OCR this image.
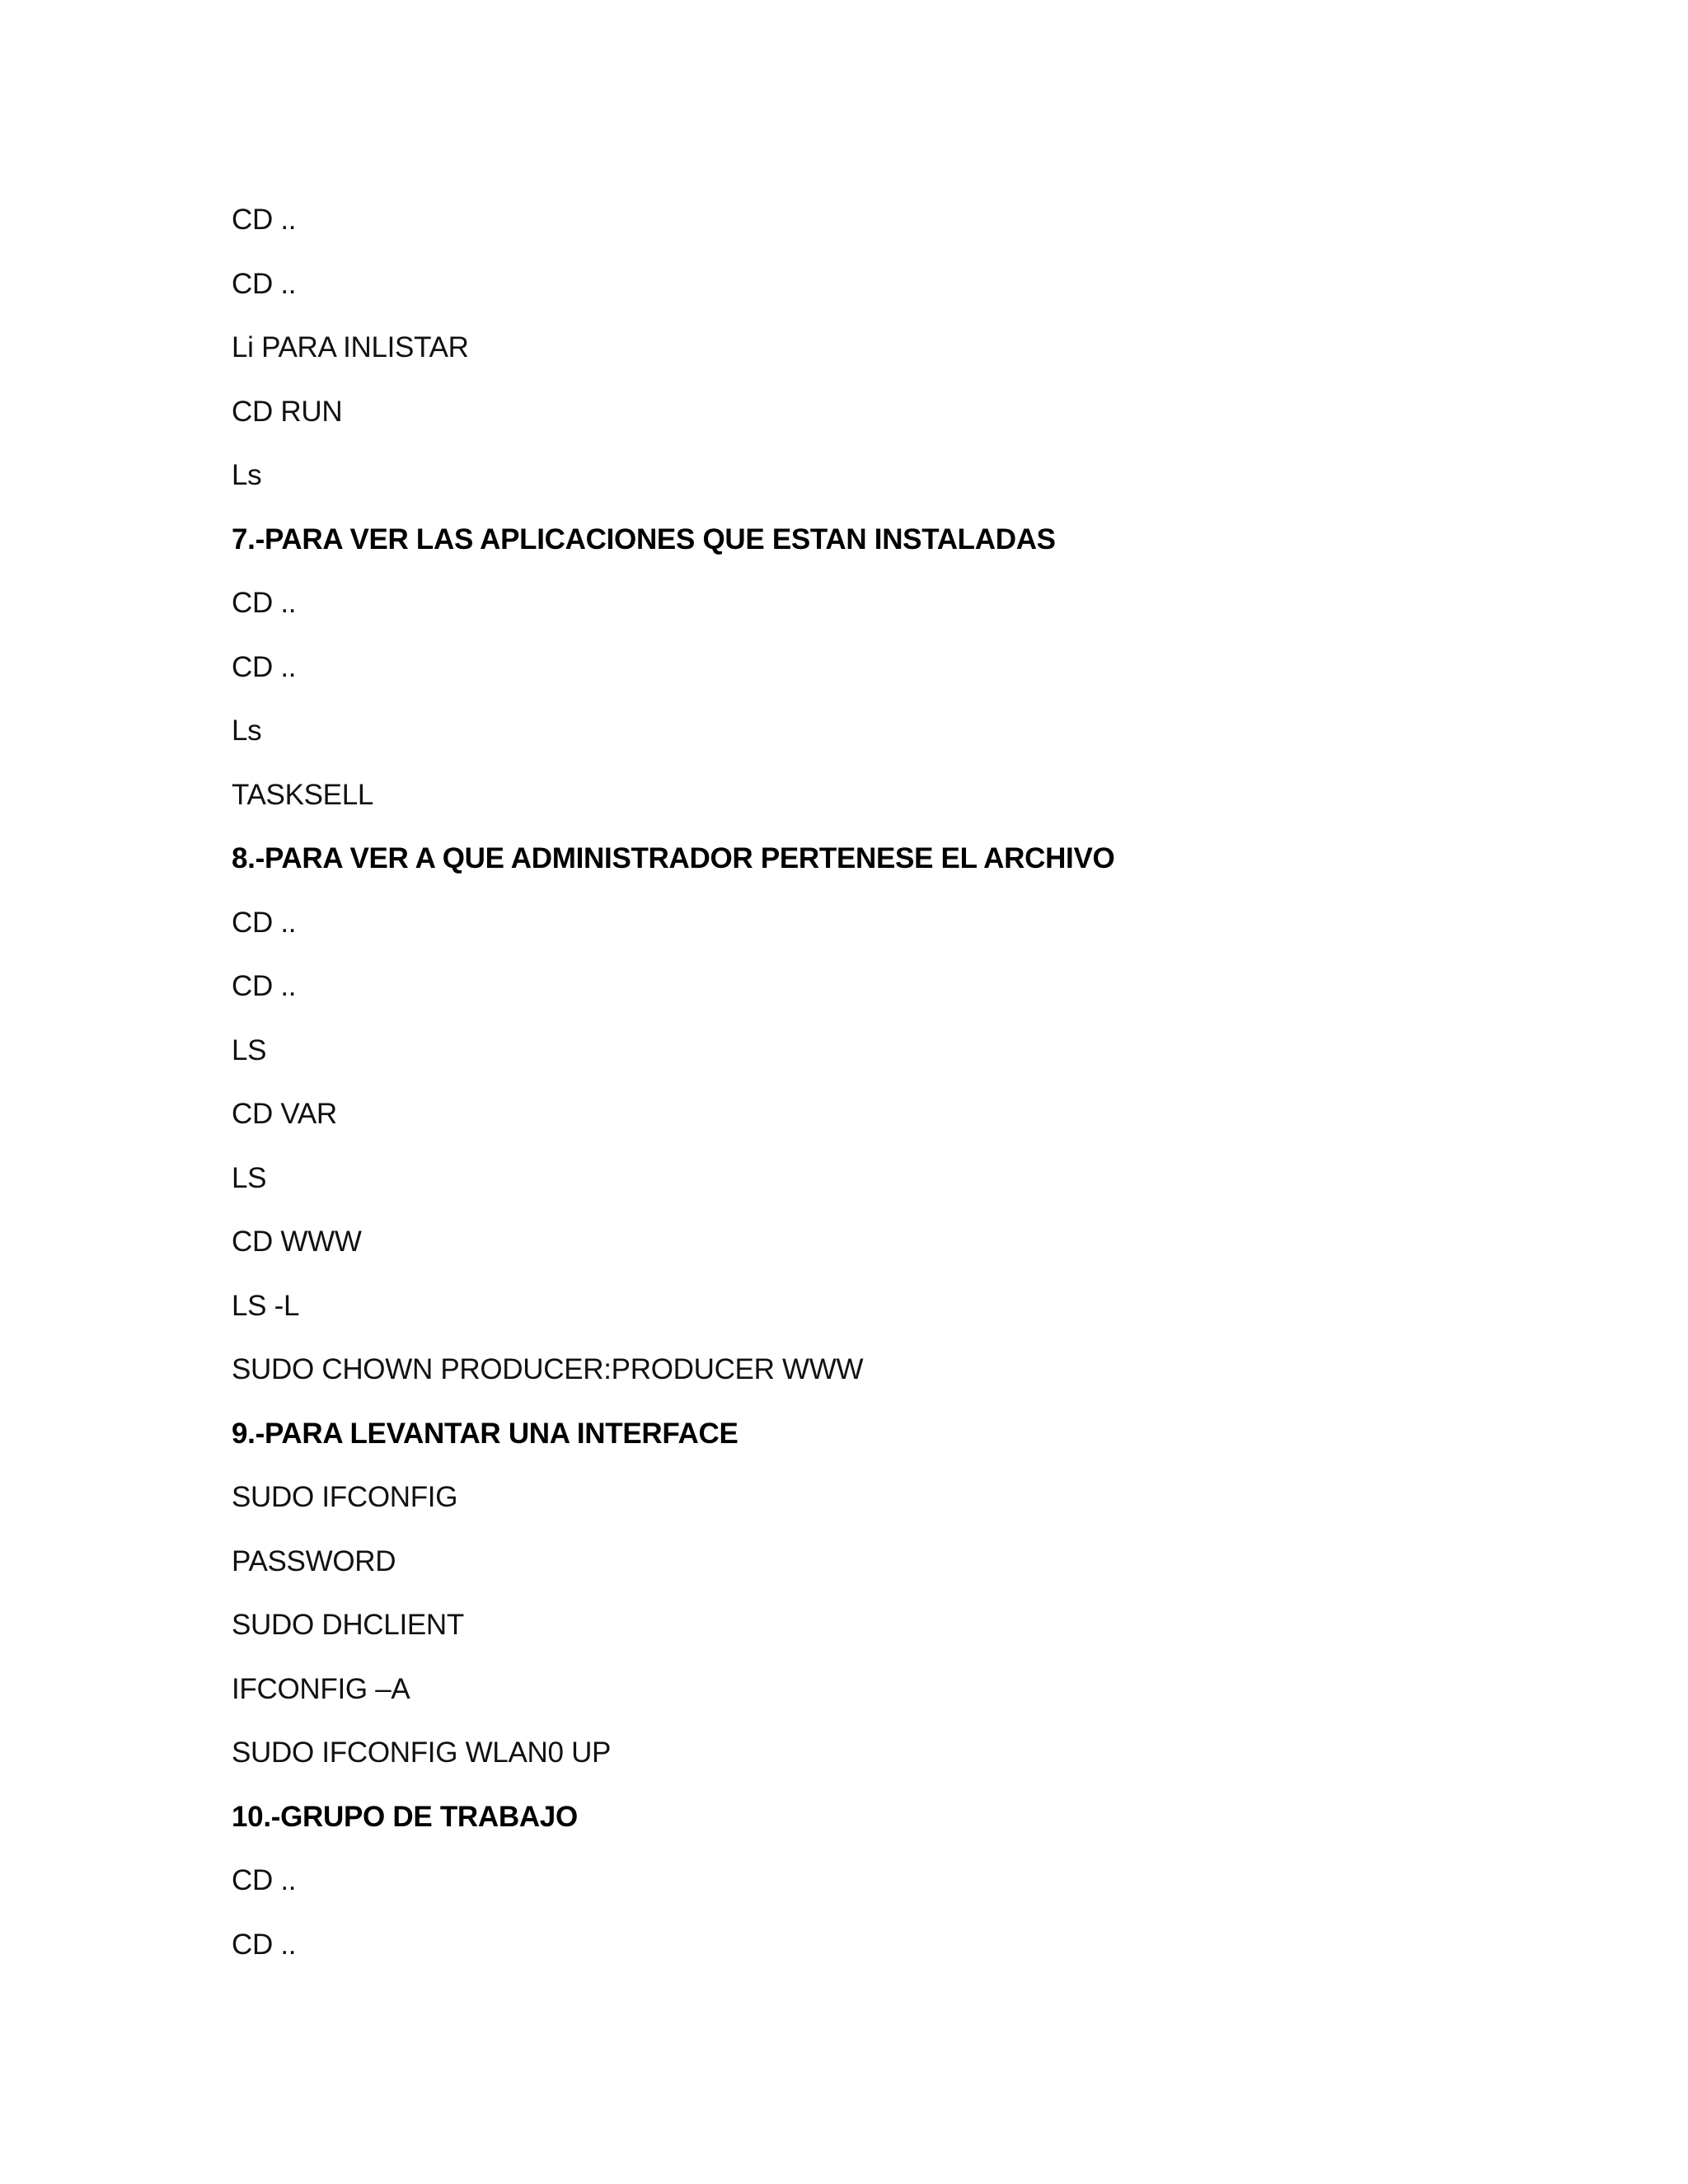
CD ..
CD ..
Li PARA INLISTAR
CD RUN
Ls
7.-PARA VER LAS APLICACIONES QUE ESTAN INSTALADAS
CD ..
CD ..
Ls
TASKSELL
8.-PARA VER A QUE ADMINISTRADOR PERTENESE EL ARCHIVO
CD ..
CD ..
LS
CD VAR
LS
CD WWW
LS -L
SUDO CHOWN PRODUCER:PRODUCER WWW
9.-PARA LEVANTAR UNA INTERFACE
SUDO IFCONFIG
PASSWORD
SUDO DHCLIENT
IFCONFIG –A
SUDO IFCONFIG WLAN0 UP
10.-GRUPO DE TRABAJO
CD ..
CD ..
